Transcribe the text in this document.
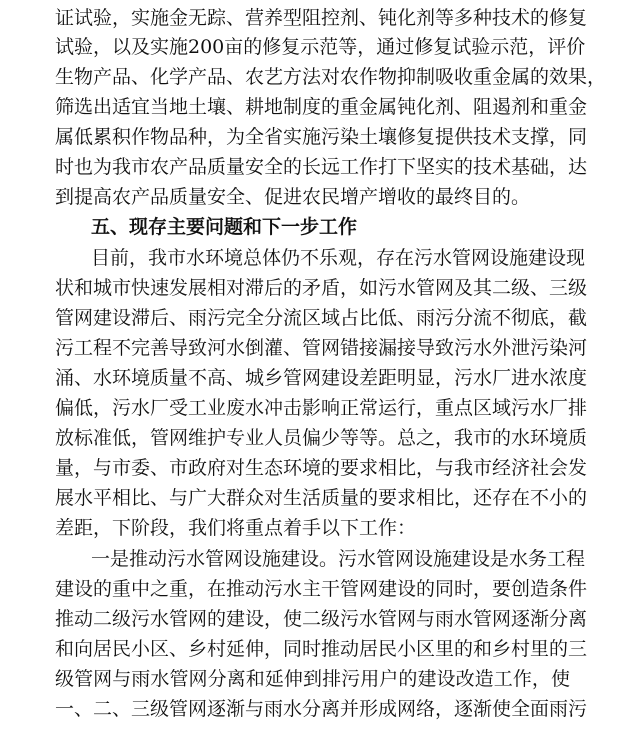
证试验，实施金无踪、营养型阻控剂、钝化剂等多种技术的修复
试验，以及实施200亩的修复示范等，通过修复试验示范，评价
生物产品、化学产品、农艺方法对农作物抑制吸收重金属的效果，
筛选出适宜当地土壤、耕地制度的重金属钝化剂、阻遏剂和重金
属低累积作物品种，为全省实施污染土壤修复提供技术支撑，同
时也为我市农产品质量安全的长远工作打下坚实的技术基础，达
到提高农产品质量安全、促进农民增产增收的最终目的。
五、现存主要问题和下一步工作
目前，我市水环境总体仍不乐观，存在污水管网设施建设现
状和城市快速发展相对滞后的矛盾，如污水管网及其二级、三级
管网建设滞后、雨污完全分流区域占比低、雨污分流不彻底，截
污工程不完善导致河水倒灌、管网错接漏接导致污水外泄污染河
涌、水环境质量不高、城乡管网建设差距明显，污水厂进水浓度
偏低，污水厂受工业废水冲击影响正常运行，重点区域污水厂排
放标准低，管网维护专业人员偏少等等。总之，我市的水环境质
量，与市委、市政府对生态环境的要求相比，与我市经济社会发
展水平相比、与广大群众对生活质量的要求相比，还存在不小的
差距，下阶段，我们将重点着手以下工作：
一是推动污水管网设施建设。污水管网设施建设是水务工程
建设的重中之重，在推动污水主干管网建设的同时，要创造条件
推动二级污水管网的建设，使二级污水管网与雨水管网逐渐分离
和向居民小区、乡村延伸，同时推动居民小区里的和乡村里的三
级管网与雨水管网分离和延伸到排污用户的建设改造工作，使
一、二、三级管网逐渐与雨水分离并形成网络，逐渐使全面雨污
